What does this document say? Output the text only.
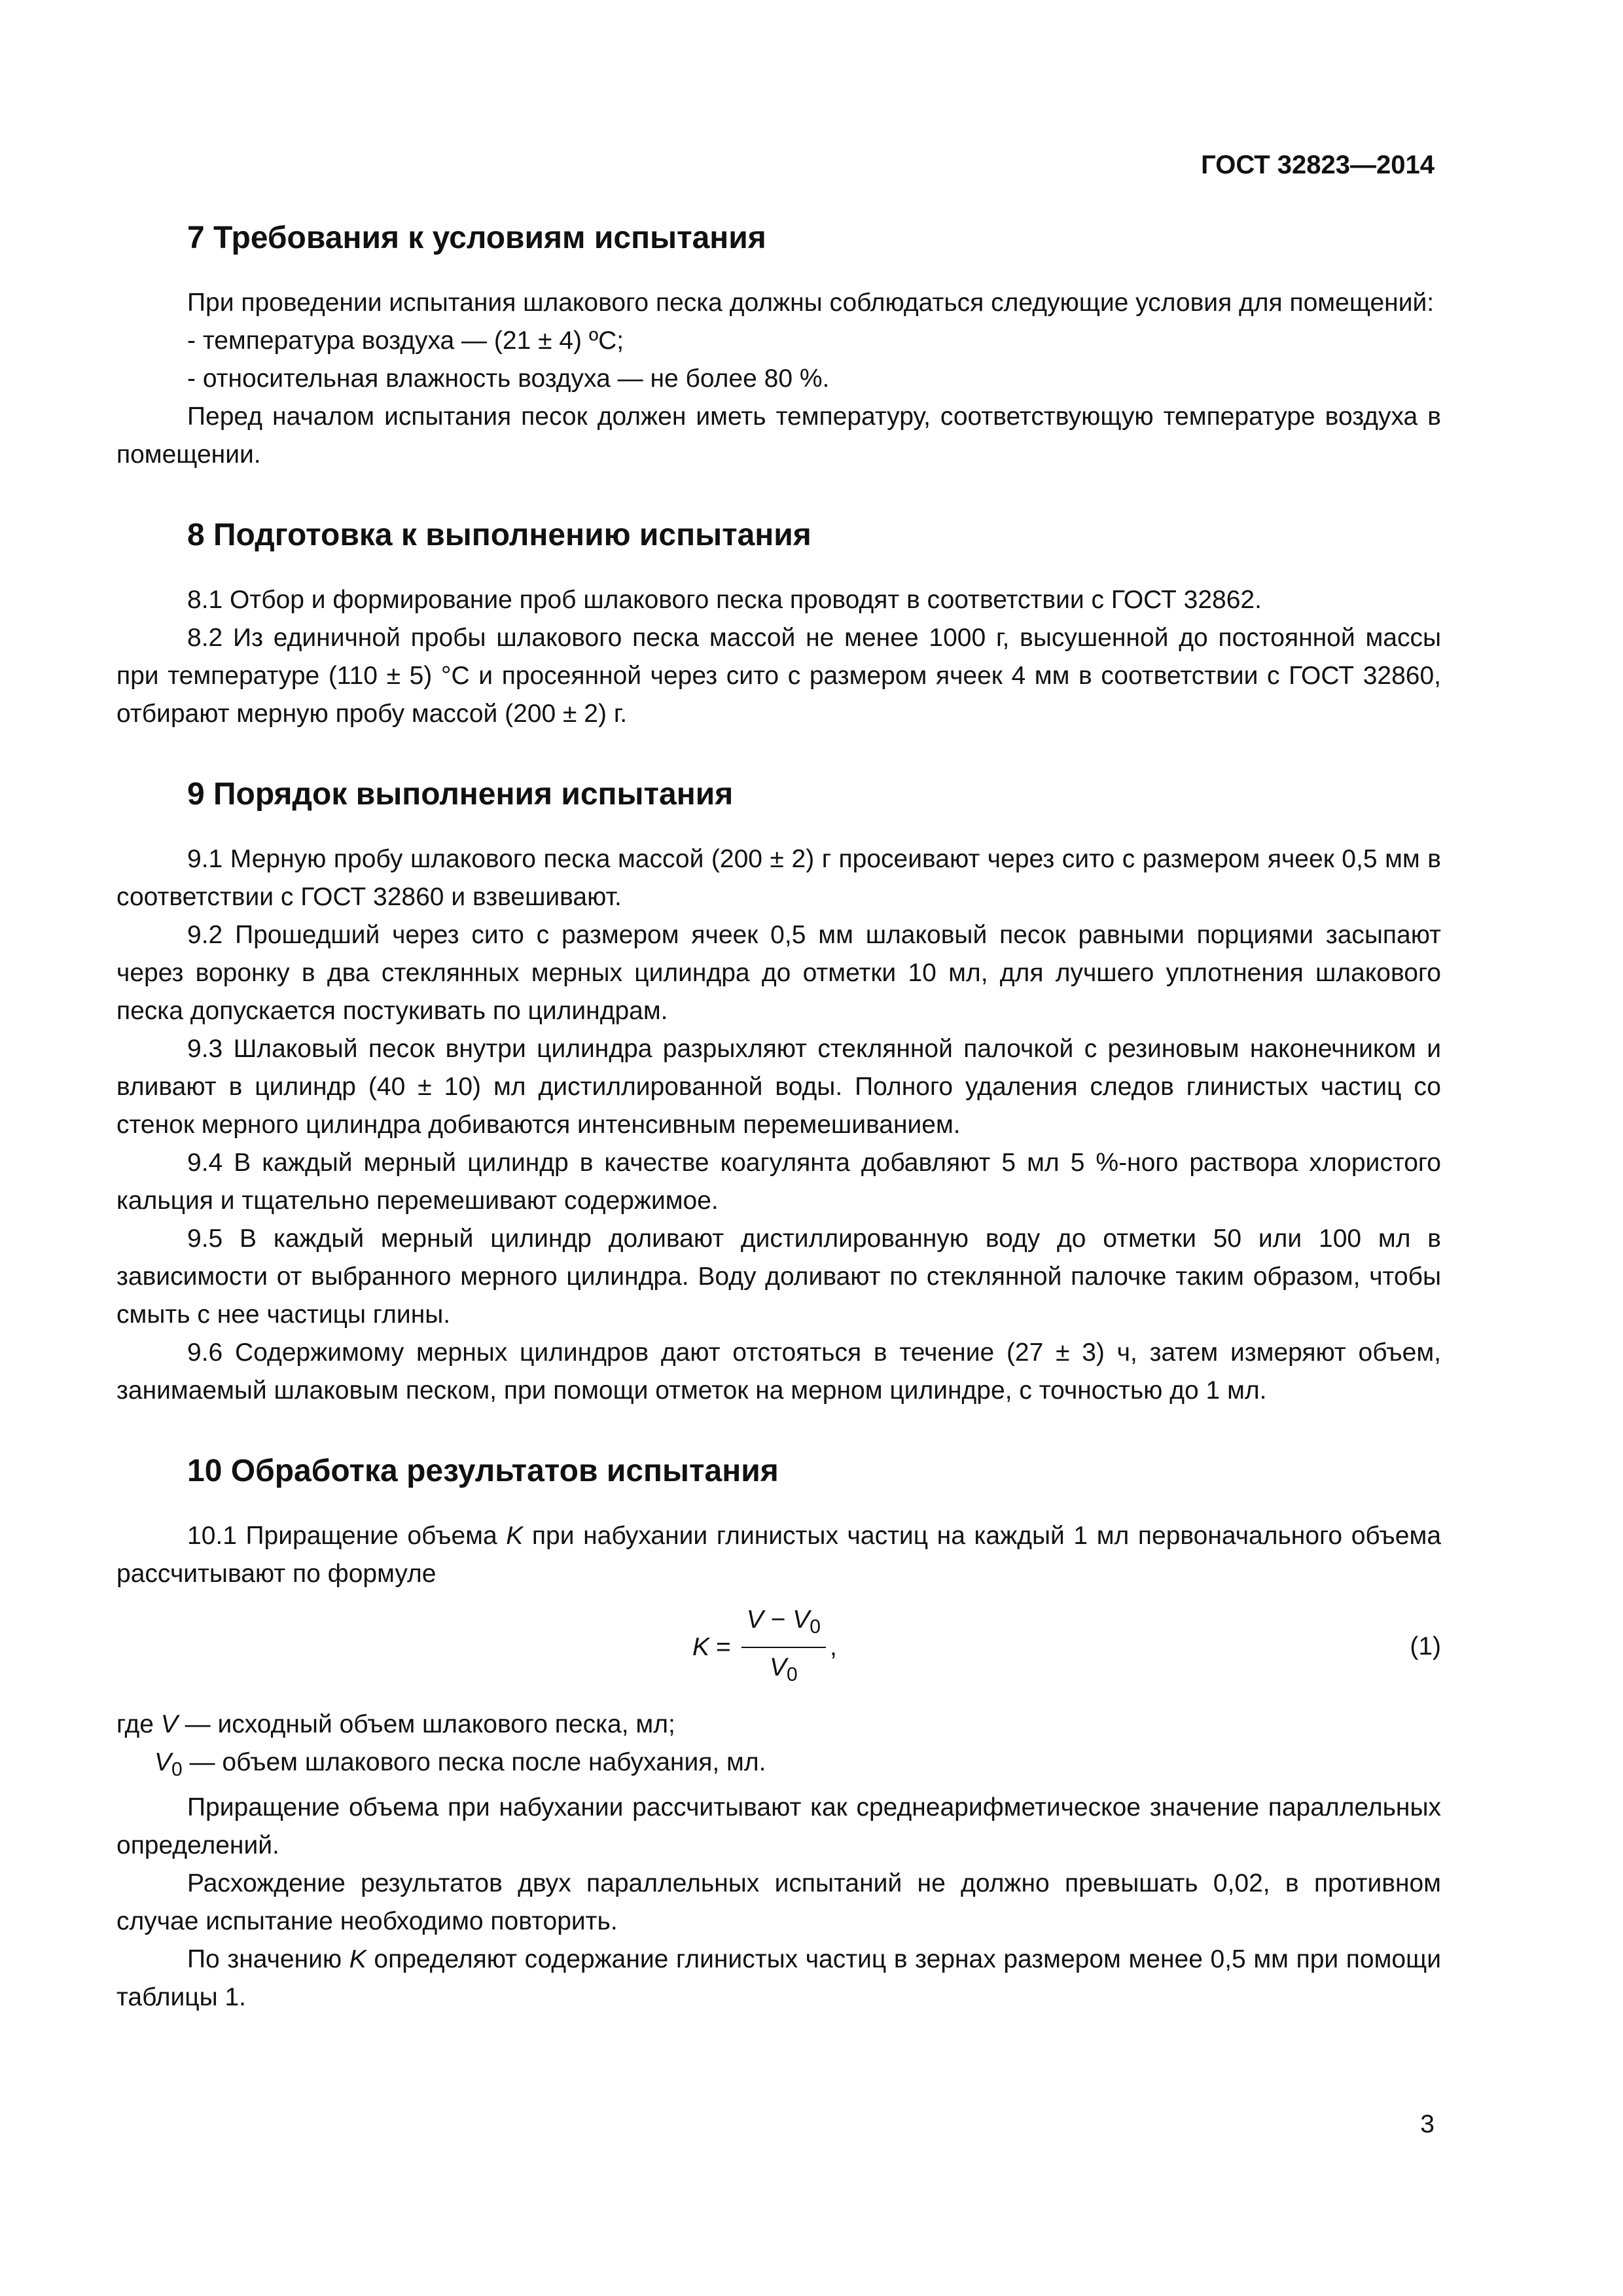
ГОСТ 32823—2014
7 Требования к условиям испытания

При проведении испытания шлакового песка должны соблюдаться следующие условия для помещений:

- температура воздуха — (21 ± 4) ºС;

- относительная влажность воздуха — не более 80 %.

Перед началом испытания песок должен иметь температуру, соответствующую температуре воздуха в помещении.

8 Подготовка к выполнению испытания

8.1 Отбор и формирование проб шлакового песка проводят в соответствии с ГОСТ 32862.

8.2 Из единичной пробы шлакового песка массой не менее 1000 г, высушенной до постоянной массы при температуре (110 ± 5) °С и просеянной через сито с размером ячеек 4 мм в соответствии с ГОСТ 32860, отбирают мерную пробу массой (200 ± 2) г.

9 Порядок выполнения испытания

9.1 Мерную пробу шлакового песка массой (200 ± 2) г просеивают через сито с размером ячеек 0,5 мм в соответствии с ГОСТ 32860 и взвешивают.

9.2 Прошедший через сито с размером ячеек 0,5 мм шлаковый песок равными порциями засыпают через воронку в два стеклянных мерных цилиндра до отметки 10 мл, для лучшего уплотнения шлакового песка допускается постукивать по цилиндрам.

9.3 Шлаковый песок внутри цилиндра разрыхляют стеклянной палочкой с резиновым наконечником и вливают в цилиндр (40 ± 10) мл дистиллированной воды. Полного удаления следов глинистых частиц со стенок мерного цилиндра добиваются интенсивным перемешиванием.

9.4 В каждый мерный цилиндр в качестве коагулянта добавляют 5 мл 5 %-ного раствора хлористого кальция и тщательно перемешивают содержимое.

9.5 В каждый мерный цилиндр доливают дистиллированную воду до отметки 50 или 100 мл в зависимости от выбранного мерного цилиндра. Воду доливают по стеклянной палочке таким образом, чтобы смыть с нее частицы глины.

9.6 Содержимому мерных цилиндров дают отстояться в течение (27 ± 3) ч, затем измеряют объем, занимаемый шлаковым песком, при помощи отметок на мерном цилиндре, с точностью до 1 мл.

10 Обработка результатов испытания

10.1 Приращение объема K при набухании глинистых частиц на каждый 1 мл первоначального объема рассчитывают по формуле

$K = \frac{V - V_0}{V_0}$ ,	(1)

где V — исходный объем шлакового песка, мл;

$V_0$ — объем шлакового песка после набухания, мл.

Приращение объема при набухании рассчитывают как среднеарифметическое значение параллельных определений.

Расхождение результатов двух параллельных испытаний не должно превышать 0,02, в противном случае испытание необходимо повторить.

По значению K определяют содержание глинистых частиц в зернах размером менее 0,5 мм при помощи таблицы 1.

3
